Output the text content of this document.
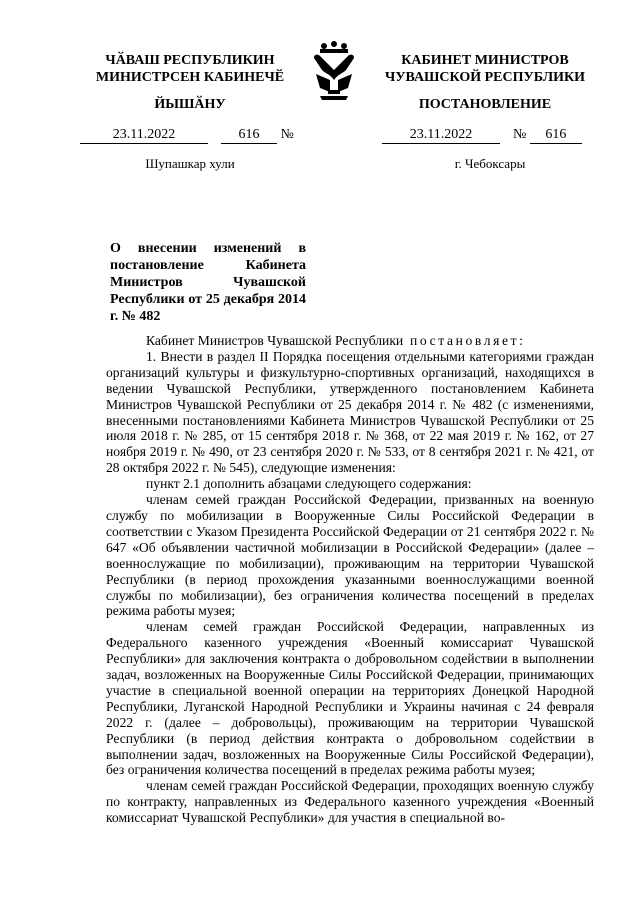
ЧӐВАШ РЕСПУБЛИКИН
МИНИСТРСЕН КАБИНЕЧӖ
ЙЫШӐНУ
КАБИНЕТ МИНИСТРОВ
ЧУВАШСКОЙ РЕСПУБЛИКИ
ПОСТАНОВЛЕНИЕ
23.11.2022	616 №	23.11.2022	№ 616
Шупашкар хули	г. Чебоксары
О внесении изменений в постановление Кабинета Министров Чувашской Республики от 25 декабря 2014 г. № 482

Кабинет Министров Чувашской Республики постановляет:

1. Внести в раздел II Порядка посещения отдельными категориями граждан организаций культуры и физкультурно-спортивных организаций, находящихся в ведении Чувашской Республики, утвержденного постановлением Кабинета Министров Чувашской Республики от 25 декабря 2014 г. № 482 (с изменениями, внесенными постановлениями Кабинета Министров Чувашской Республики от 25 июля 2018 г. № 285, от 15 сентября 2018 г. № 368, от 22 мая 2019 г. № 162, от 27 ноября 2019 г. № 490, от 23 сентября 2020 г. № 533, от 8 сентября 2021 г. № 421, от 28 октября 2022 г. № 545), следующие изменения:

пункт 2.1 дополнить абзацами следующего содержания:

членам семей граждан Российской Федерации, призванных на военную службу по мобилизации в Вооруженные Силы Российской Федерации в соответствии с Указом Президента Российской Федерации от 21 сентября 2022 г. № 647 «Об объявлении частичной мобилизации в Российской Федерации» (далее – военнослужащие по мобилизации), проживающим на территории Чувашской Республики (в период прохождения указанными военнослужащими военной службы по мобилизации), без ограничения количества посещений в пределах режима работы музея;

членам семей граждан Российской Федерации, направленных из Федерального казенного учреждения «Военный комиссариат Чувашской Республики» для заключения контракта о добровольном содействии в выполнении задач, возложенных на Вооруженные Силы Российской Федерации, принимающих участие в специальной военной операции на территориях Донецкой Народной Республики, Луганской Народной Республики и Украины начиная с 24 февраля 2022 г. (далее – добровольцы), проживающим на территории Чувашской Республики (в период действия контракта о добровольном содействии в выполнении задач, возложенных на Вооруженные Силы Российской Федерации), без ограничения количества посещений в пределах режима работы музея;

членам семей граждан Российской Федерации, проходящих военную службу по контракту, направленных из Федерального казенного учреждения «Военный комиссариат Чувашской Республики» для участия в специальной во-
